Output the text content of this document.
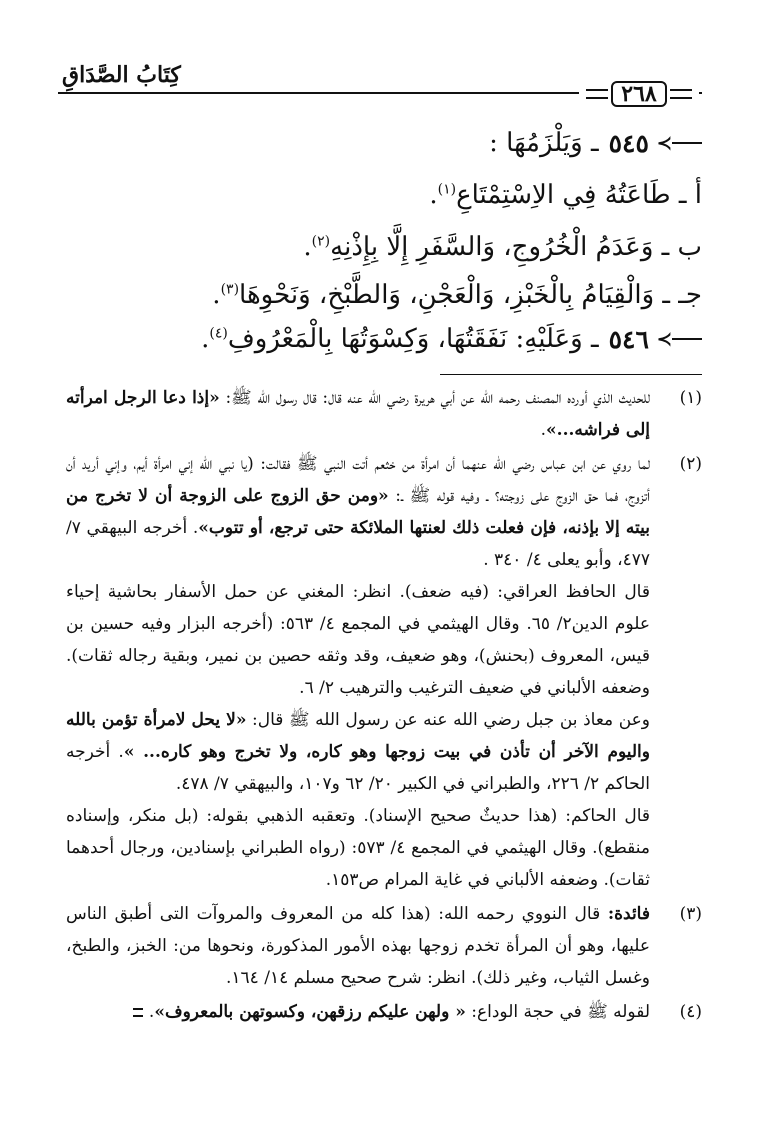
كِتَابُ الصَّدَاقِ
٢٦٨
≺
٥٤٥
ـ وَيَلْزَمُهَا :
أ ـ طَاعَتُهُ فِي الاِسْتِمْتَاعِ$^{(١)}$.
ب ـ وَعَدَمُ الْخُرُوجِ، وَالسَّفَرِ إِلَّا بِإِذْنِهِ$^{(٢)}$.
جـ ـ وَالْقِيَامُ بِالْخَبْزِ، وَالْعَجْنِ، وَالطَّبْخِ، وَنَحْوِهَا$^{(٣)}$.
≺
٥٤٦
ـ وَعَلَيْهِ: نَفَقَتُهَا، وَكِسْوَتُهَا بِالْمَعْرُوفِ$^{(٤)}$.
(١)

للحديث الذي أورده المصنف رحمه الله عن أبي هريرة رضي الله عنه قال: قال رسول الله ﷺ: «إذا دعا الرجل امرأته إلى فراشه...».

(٢)

لما روي عن ابن عباس رضي الله عنهما أن امرأة من خثعم أتت النبي ﷺ فقالت: (يا نبي الله إني امرأة أيم، وإني أريد أن أتزوج، فما حق الزوج على زوجته؟ ـ وفيه قوله ﷺ ـ: «ومن حق الزوج على الزوجة أن لا تخرج من بيته إلا بإذنه، فإن فعلت ذلك لعنتها الملائكة حتى ترجع، أو تتوب». أخرجه البيهقي ٧/ ٤٧٧، وأبو يعلى ٤/ ٣٤٠ .

قال الحافظ العراقي: (فيه ضعف). انظر: المغني عن حمل الأسفار بحاشية إحياء علوم الدين٢/ ٦٥. وقال الهيثمي في المجمع ٤/ ٥٦٣: (أخرجه البزار وفيه حسين بن قيس، المعروف (بحنش)، وهو ضعيف، وقد وثقه حصين بن نمير، وبقية رجاله ثقات). وضعفه الألباني في ضعيف الترغيب والترهيب ٢/ ٦.

وعن معاذ بن جبل رضي الله عنه عن رسول الله ﷺ قال: «لا يحل لامرأة تؤمن بالله واليوم الآخر أن تأذن في بيت زوجها وهو كاره، ولا تخرج وهو كاره... ». أخرجه الحاكم ٢/ ٢٢٦، والطبراني في الكبير ٢٠/ ٦٢ و١٠٧، والبيهقي ٧/ ٤٧٨.

قال الحاكم: (هذا حديثٌ صحيح الإسناد). وتعقبه الذهبي بقوله: (بل منكر، وإسناده منقطع). وقال الهيثمي في المجمع ٤/ ٥٧٣: (رواه الطبراني بإسنادين، ورجال أحدهما ثقات). وضعفه الألباني في غاية المرام ص١٥٣.

(٣)

فائدة: قال النووي رحمه الله: (هذا كله من المعروف والمروآت التى أطبق الناس عليها، وهو أن المرأة تخدم زوجها بهذه الأمور المذكورة، ونحوها من: الخبز، والطبخ، وغسل الثياب، وغير ذلك). انظر: شرح صحيح مسلم ١٤/ ١٦٤.

(٤)

لقوله ﷺ في حجة الوداع: « ولهن عليكم رزقهن، وكسوتهن بالمعروف».
